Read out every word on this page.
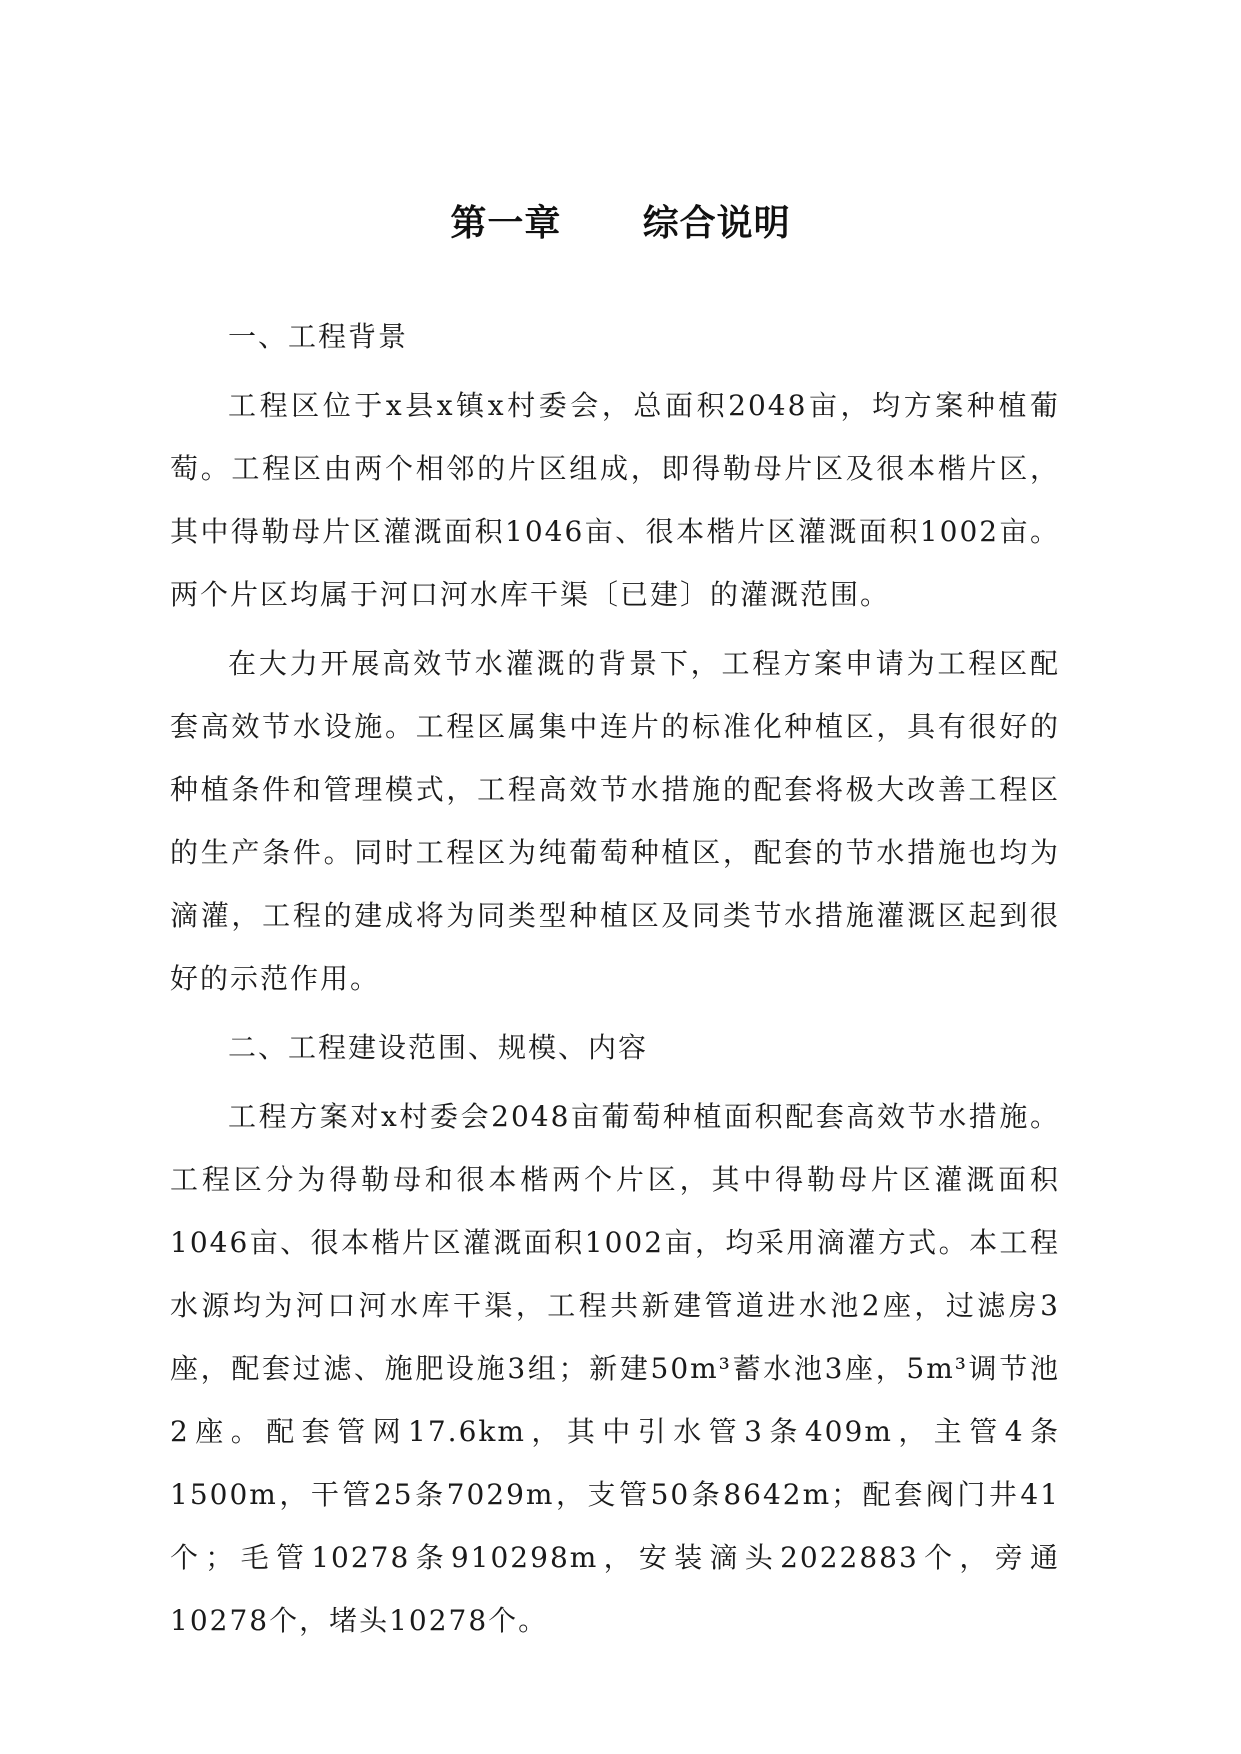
第一章 综合说明
一、工程背景

工程区位于x县x镇x村委会，总面积2048亩，均方案种植葡萄。工程区由两个相邻的片区组成，即得勒母片区及很本楷片区，其中得勒母片区灌溉面积1046亩、很本楷片区灌溉面积1002亩。两个片区均属于河口河水库干渠〔已建〕的灌溉范围。

在大力开展高效节水灌溉的背景下，工程方案申请为工程区配套高效节水设施。工程区属集中连片的标准化种植区，具有很好的种植条件和管理模式，工程高效节水措施的配套将极大改善工程区的生产条件。同时工程区为纯葡萄种植区，配套的节水措施也均为滴灌，工程的建成将为同类型种植区及同类节水措施灌溉区起到很好的示范作用。

二、工程建设范围、规模、内容

工程方案对x村委会2048亩葡萄种植面积配套高效节水措施。工程区分为得勒母和很本楷两个片区，其中得勒母片区灌溉面积1046亩、很本楷片区灌溉面积1002亩，均采用滴灌方式。本工程水源均为河口河水库干渠，工程共新建管道进水池2座，过滤房3座，配套过滤、施肥设施3组；新建50m³蓄水池3座，5m³调节池2座。配套管网17.6km，其中引水管3条409m，主管4条1500m，干管25条7029m，支管50条8642m；配套阀门井41个；毛管10278条910298m，安装滴头2022883个，旁通10278个，堵头10278个。
